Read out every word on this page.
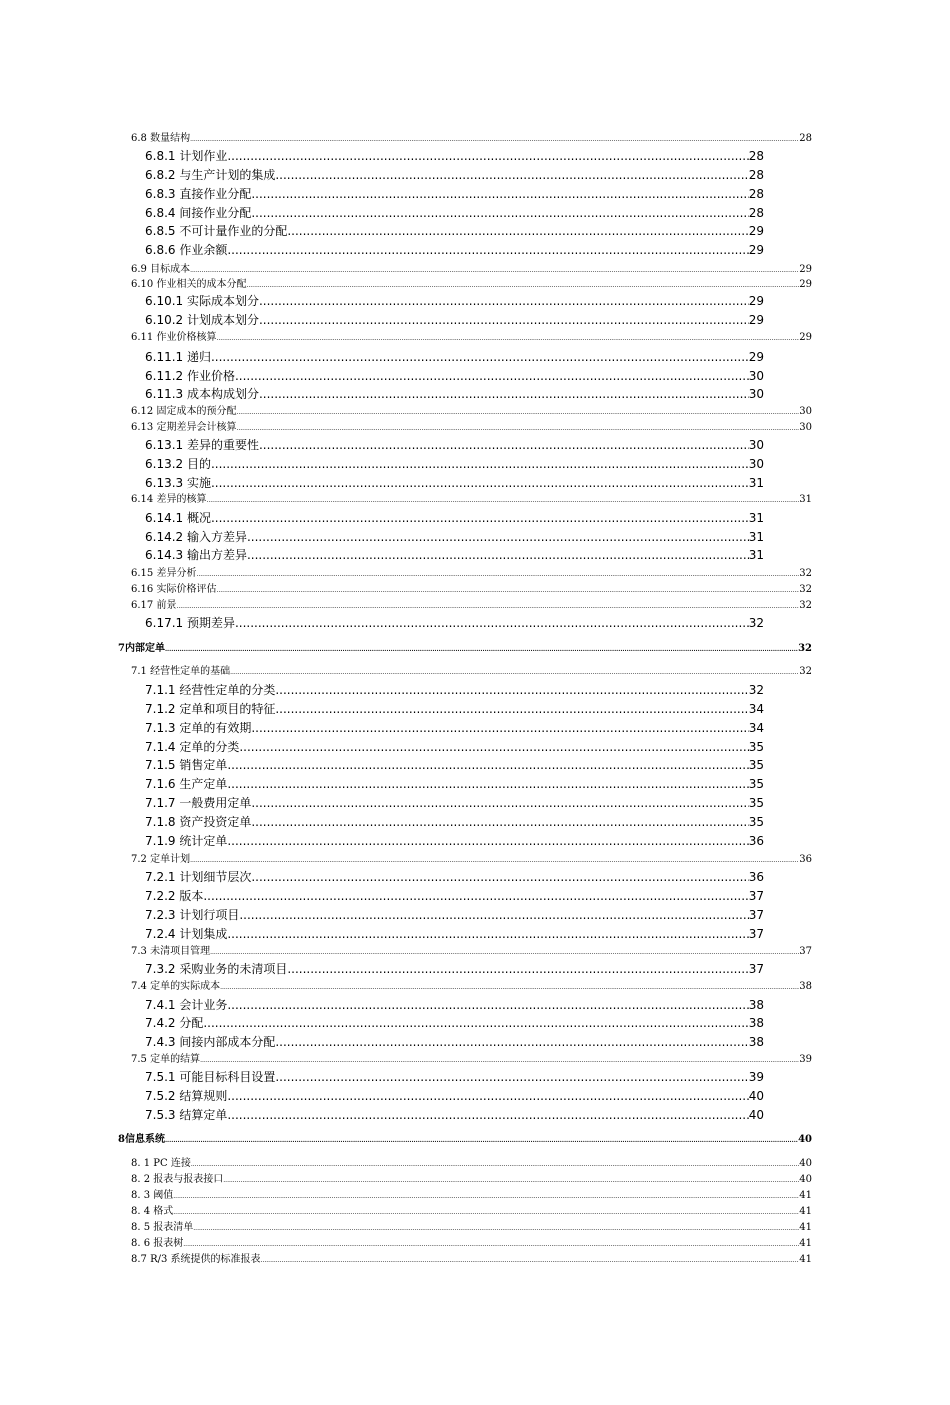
6.8 数量结构 .....	28
6.8.1 计划作业 .....	28
6.8.2 与生产计划的集成 .....	28
6.8.3 直接作业分配 .....	28
6.8.4 间接作业分配 .....	28
6.8.5 不可计量作业的分配 .....	29
6.8.6 作业余额 .....	29
6.9 目标成本 .....	29
6.10 作业相关的成本分配 .....	29
6.10.1 实际成本划分 .....	29
6.10.2 计划成本划分 .....	29
6.11 作业价格核算 .....	29
6.11.1 递归 .....	29
6.11.2 作业价格 .....	30
6.11.3 成本构成划分 .....	30
6.12 固定成本的预分配 .....	30
6.13 定期差异会计核算 .....	30
6.13.1 差异的重要性 .....	30
6.13.2 目的 .....	30
6.13.3 实施 .....	31
6.14 差异的核算 .....	31
6.14.1 概况 .....	31
6.14.2 输入方差异 .....	31
6.14.3 输出方差异 .....	31
6.15 差异分析 .....	32
6.16 实际价格评估 .....	32
6.17 前景 .....	32
6.17.1 预期差异 .....	32
7 内部定单 .....	32
7.1 经营性定单的基础 .....	32
7.1.1 经营性定单的分类 .....	32
7.1.2 定单和项目的特征 .....	34
7.1.3 定单的有效期 .....	34
7.1.4 定单的分类 .....	35
7.1.5 销售定单 .....	35
7.1.6 生产定单 .....	35
7.1.7 一般费用定单 .....	35
7.1.8 资产投资定单 .....	35
7.1.9 统计定单 .....	36
7.2 定单计划 .....	36
7.2.1 计划细节层次 .....	36
7.2.2 版本 .....	37
7.2.3 计划行项目 .....	37
7.2.4 计划集成 .....	37
7.3 未清项目管理 .....	37
7.3.2 采购业务的未清项目 .....	37
7.4 定单的实际成本 .....	38
7.4.1 会计业务 .....	38
7.4.2 分配 .....	38
7.4.3 间接内部成本分配 .....	38
7.5 定单的结算 .....	39
7.5.1 可能目标科目设置 .....	39
7.5.2 结算规则 .....	40
7.5.3 结算定单 .....	40
8 信息系统 .....	40
8. 1 PC 连接 .....	40
8. 2 报表与报表接口 .....	40
8. 3 阈值 .....	41
8. 4 格式 .....	41
8. 5 报表清单 .....	41
8. 6 报表树 .....	41
8.7 R/3 系统提供的标准报表 .....	41
